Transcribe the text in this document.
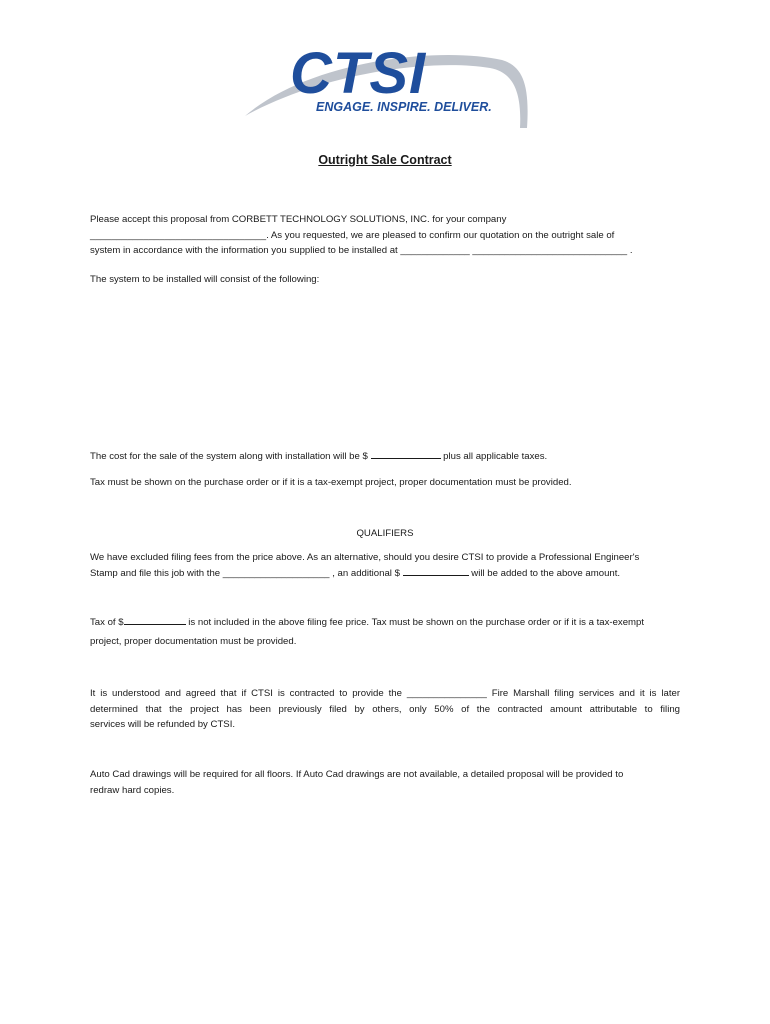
CTSI
ENGAGE. INSPIRE. DELIVER.
Outright Sale Contract
Please accept this proposal from CORBETT TECHNOLOGY SOLUTIONS, INC. for your company
_________________________________. As you requested, we are pleased to confirm our quotation on the outright sale of
system in accordance with the information you supplied to be installed at _____________ _____________________________ .
The system to be installed will consist of the following:
The cost for the sale of the system along with installation will be $	plus all applicable taxes.
Tax must be shown on the purchase order or if it is a tax-exempt project, proper documentation must be provided.
QUALIFIERS
We have excluded filing fees from the price above. As an alternative, should you desire CTSI to provide a Professional Engineer's
Stamp and file this job with the ____________________ , an additional $	will be added to the above amount.
Tax of $	is not included in the above filing fee price. Tax must be shown on the purchase order or if it is a tax-exempt
project, proper documentation must be provided.
It is understood and agreed that if CTSI is contracted to provide the _______________ Fire Marshall filing services and it is later
determined that the project has been previously filed by others, only 50% of the contracted amount attributable to filing
services will be refunded by CTSI.
Auto Cad drawings will be required for all floors. If Auto Cad drawings are not available, a detailed proposal will be provided to
redraw hard copies.
